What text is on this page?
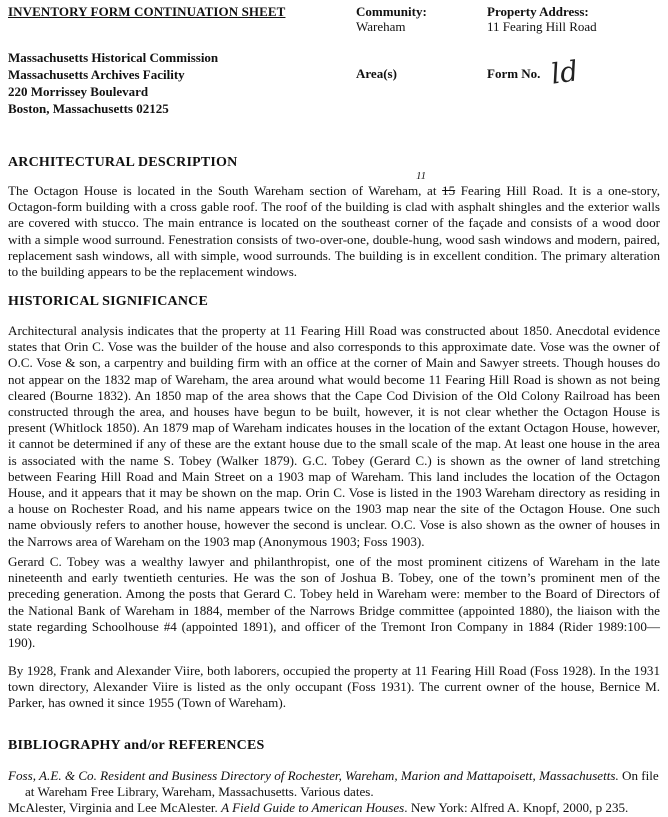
INVENTORY FORM CONTINUATION SHEET	Community:
Wareham
Property Address:
11 Fearing Hill Road
Massachusetts Historical Commission
Massachusetts Archives Facility
220 Morrissey Boulevard
Boston, Massachusetts 02125
Area(s)	Form No. ld
ARCHITECTURAL DESCRIPTION
11

The Octagon House is located in the South Wareham section of Wareham, at 15 Fearing Hill Road. It is a one-story, Octagon-form building with a cross gable roof. The roof of the building is clad with asphalt shingles and the exterior walls are covered with stucco. The main entrance is located on the southeast corner of the façade and consists of a wood door with a simple wood surround. Fenestration consists of two-over-one, double-hung, wood sash windows and modern, paired, replacement sash windows, all with simple, wood surrounds. The building is in excellent condition. The primary alteration to the building appears to be the replacement windows.

HISTORICAL SIGNIFICANCE

Architectural analysis indicates that the property at 11 Fearing Hill Road was constructed about 1850. Anecdotal evidence states that Orin C. Vose was the builder of the house and also corresponds to this approximate date. Vose was the owner of O.C. Vose & son, a carpentry and building firm with an office at the corner of Main and Sawyer streets. Though houses do not appear on the 1832 map of Wareham, the area around what would become 11 Fearing Hill Road is shown as not being cleared (Bourne 1832). An 1850 map of the area shows that the Cape Cod Division of the Old Colony Railroad has been constructed through the area, and houses have begun to be built, however, it is not clear whether the Octagon House is present (Whitlock 1850). An 1879 map of Wareham indicates houses in the location of the extant Octagon House, however, it cannot be determined if any of these are the extant house due to the small scale of the map. At least one house in the area is associated with the name S. Tobey (Walker 1879). G.C. Tobey (Gerard C.) is shown as the owner of land stretching between Fearing Hill Road and Main Street on a 1903 map of Wareham. This land includes the location of the Octagon House, and it appears that it may be shown on the map. Orin C. Vose is listed in the 1903 Wareham directory as residing in a house on Rochester Road, and his name appears twice on the 1903 map near the site of the Octagon House. One such name obviously refers to another house, however the second is unclear. O.C. Vose is also shown as the owner of houses in the Narrows area of Wareham on the 1903 map (Anonymous 1903; Foss 1903).

Gerard C. Tobey was a wealthy lawyer and philanthropist, one of the most prominent citizens of Wareham in the late nineteenth and early twentieth centuries. He was the son of Joshua B. Tobey, one of the town’s prominent men of the preceding generation. Among the posts that Gerard C. Tobey held in Wareham were: member to the Board of Directors of the National Bank of Wareham in 1884, member of the Narrows Bridge committee (appointed 1880), the liaison with the state regarding Schoolhouse #4 (appointed 1891), and officer of the Tremont Iron Company in 1884 (Rider 1989:100—190).

By 1928, Frank and Alexander Viire, both laborers, occupied the property at 11 Fearing Hill Road (Foss 1928). In the 1931 town directory, Alexander Viire is listed as the only occupant (Foss 1931). The current owner of the house, Bernice M. Parker, has owned it since 1955 (Town of Wareham).

BIBLIOGRAPHY and/or REFERENCES
Foss, A.E. & Co. Resident and Business Directory of Rochester, Wareham, Marion and Mattapoisett, Massachusetts. On file at Wareham Free Library, Wareham, Massachusetts. Various dates.
McAlester, Virginia and Lee McAlester. A Field Guide to American Houses. New York: Alfred A. Knopf, 2000, p 235.
